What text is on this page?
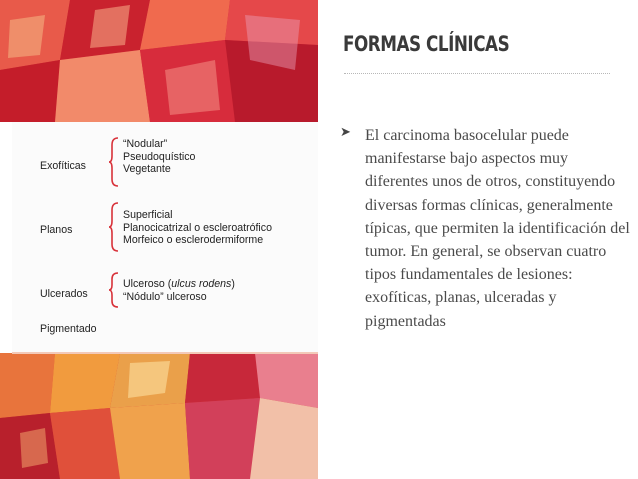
Exofíticas
“Nodular”
Pseudoquístico
Vegetante
Planos
Superficial
Planocicatrizal o escleroatrófico
Morfeico o esclerodermiforme
Ulcerados
Ulceroso (ulcus rodens)
“Nódulo” ulceroso
Pigmentado
FORMAS CLÍNICAS
➤ El carcinoma basocelular puede manifestarse bajo aspectos muy diferentes unos de otros, constituyendo diversas formas clínicas, generalmente típicas, que permiten la identificación del tumor. En general, se observan cuatro tipos fundamentales de lesiones: exofíticas, planas, ulceradas y pigmentadas
